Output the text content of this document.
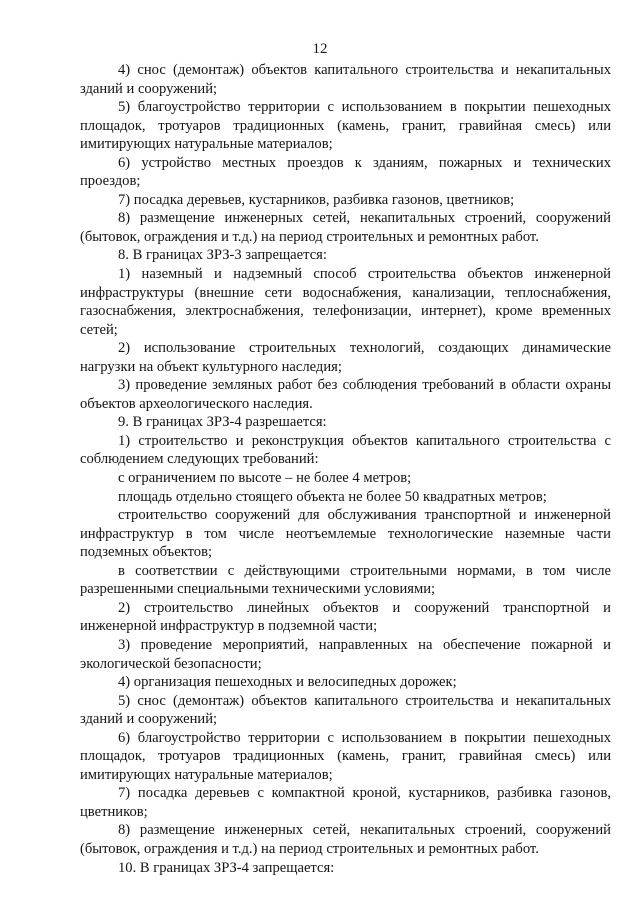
12

4) снос (демонтаж) объектов капитального строительства и некапитальных зданий и сооружений;

5) благоустройство территории с использованием в покрытии пешеходных площадок, тротуаров традиционных (камень, гранит, гравийная смесь) или имитирующих натуральные материалов;

6) устройство местных проездов к зданиям, пожарных и технических проездов;

7) посадка деревьев, кустарников, разбивка газонов, цветников;

8) размещение инженерных сетей, некапитальных строений, сооружений (бытовок, ограждения и т.д.) на период строительных и ремонтных работ.

8. В границах ЗРЗ-3 запрещается:

1) наземный и надземный способ строительства объектов инженерной инфраструктуры (внешние сети водоснабжения, канализации, теплоснабжения, газоснабжения, электроснабжения, телефонизации, интернет), кроме временных сетей;

2) использование строительных технологий, создающих динамические нагрузки на объект культурного наследия;

3) проведение земляных работ без соблюдения требований в области охраны объектов археологического наследия.

9. В границах ЗРЗ-4 разрешается:

1) строительство и реконструкция объектов капитального строительства с соблюдением следующих требований:

с ограничением по высоте – не более 4 метров;

площадь отдельно стоящего объекта не более 50 квадратных метров;

строительство сооружений для обслуживания транспортной и инженерной инфраструктур в том числе неотъемлемые технологические наземные части подземных объектов;

в соответствии с действующими строительными нормами, в том числе разрешенными специальными техническими условиями;

2) строительство линейных объектов и сооружений транспортной и инженерной инфраструктур в подземной части;

3) проведение мероприятий, направленных на обеспечение пожарной и экологической безопасности;

4) организация пешеходных и велосипедных дорожек;

5) снос (демонтаж) объектов капитального строительства и некапитальных зданий и сооружений;

6) благоустройство территории с использованием в покрытии пешеходных площадок, тротуаров традиционных (камень, гранит, гравийная смесь) или имитирующих натуральные материалов;

7) посадка деревьев с компактной кроной, кустарников, разбивка газонов, цветников;

8) размещение инженерных сетей, некапитальных строений, сооружений (бытовок, ограждения и т.д.) на период строительных и ремонтных работ.

10. В границах ЗРЗ-4 запрещается:
